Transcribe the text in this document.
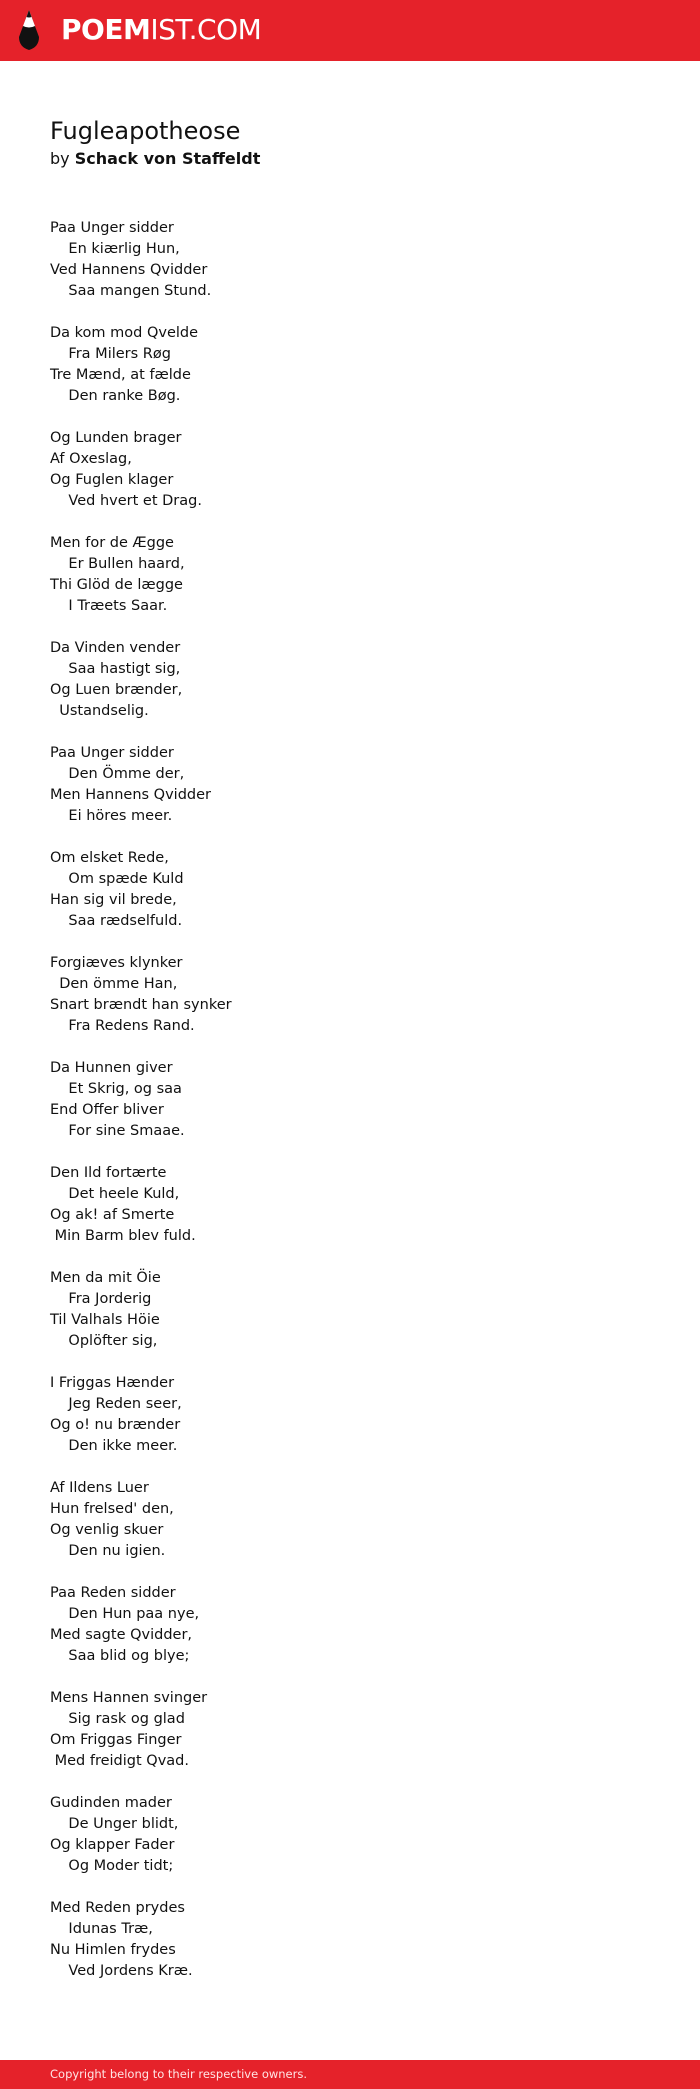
POEMIST.COM
Fugleapotheose
by Schack von Staffeldt
Paa Unger sidder
En kiærlig Hun,
Ved Hannens Qvidder
Saa mangen Stund.
Da kom mod Qvelde
Fra Milers Røg
Tre Mænd, at fælde
Den ranke Bøg.
Og Lunden brager
Af Oxeslag,
Og Fuglen klager
Ved hvert et Drag.
Men for de Ægge
Er Bullen haard,
Thi Glöd de lægge
I Træets Saar.
Da Vinden vender
Saa hastigt sig,
Og Luen brænder,
Ustandselig.
Paa Unger sidder
Den Ömme der,
Men Hannens Qvidder
Ei höres meer.
Om elsket Rede,
Om spæde Kuld
Han sig vil brede,
Saa rædselfuld.
Forgiæves klynker
Den ömme Han,
Snart brændt han synker
Fra Redens Rand.
Da Hunnen giver
Et Skrig, og saa
End Offer bliver
For sine Smaae.
Den Ild fortærte
Det heele Kuld,
Og ak! af Smerte
Min Barm blev fuld.
Men da mit Öie
Fra Jorderig
Til Valhals Höie
Oplöfter sig,
I Friggas Hænder
Jeg Reden seer,
Og o! nu brænder
Den ikke meer.
Af Ildens Luer
Hun frelsed' den,
Og venlig skuer
Den nu igien.
Paa Reden sidder
Den Hun paa nye,
Med sagte Qvidder,
Saa blid og blye;
Mens Hannen svinger
Sig rask og glad
Om Friggas Finger
Med freidigt Qvad.
Gudinden mader
De Unger blidt,
Og klapper Fader
Og Moder tidt;
Med Reden prydes
Idunas Træ,
Nu Himlen frydes
Ved Jordens Kræ.
Copyright belong to their respective owners.
